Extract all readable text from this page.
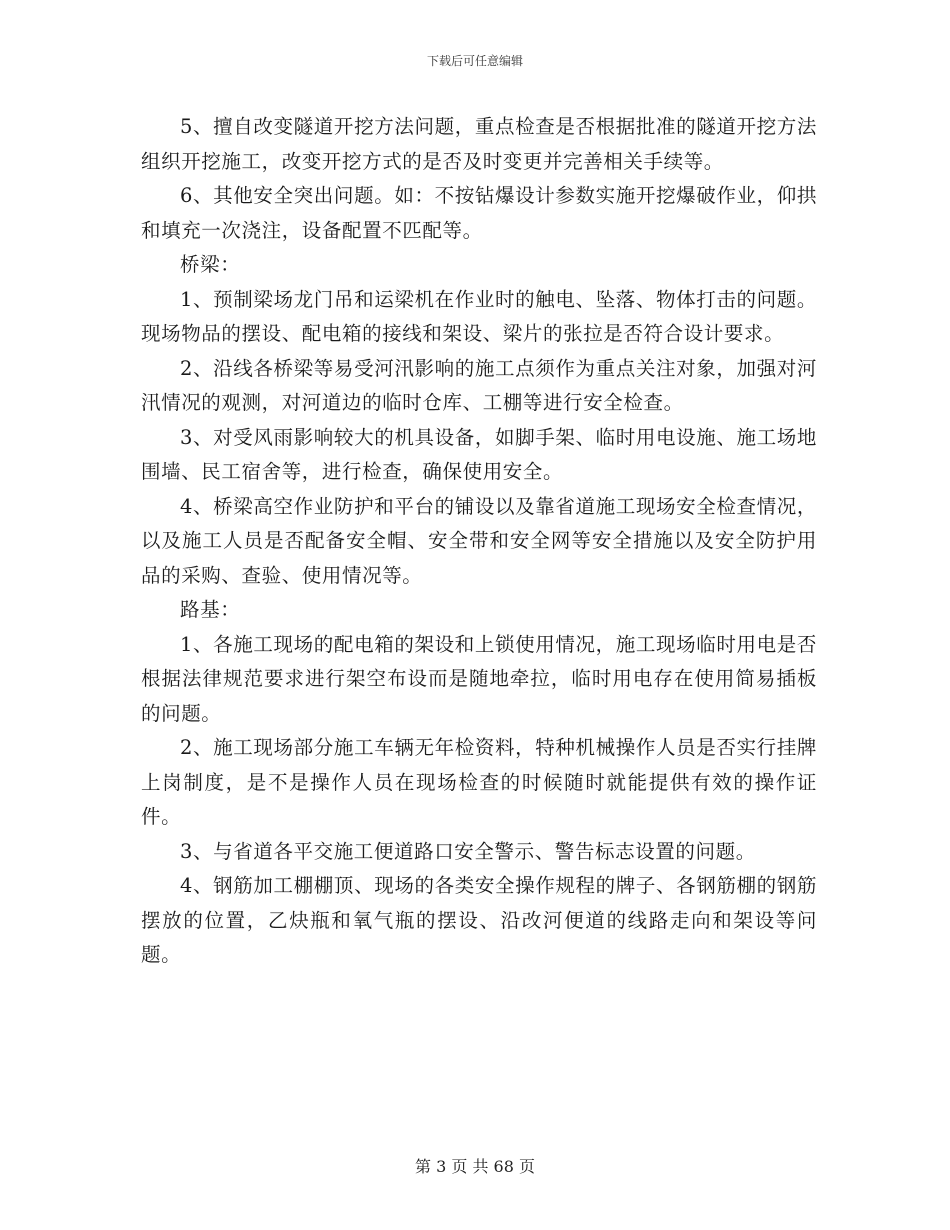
下载后可任意编辑

5、擅自改变隧道开挖方法问题，重点检查是否根据批准的隧道开挖方法组织开挖施工，改变开挖方式的是否及时变更并完善相关手续等。

6、其他安全突出问题。如：不按钻爆设计参数实施开挖爆破作业，仰拱和填充一次浇注，设备配置不匹配等。

桥梁：

1、预制梁场龙门吊和运梁机在作业时的触电、坠落、物体打击的问题。现场物品的摆设、配电箱的接线和架设、梁片的张拉是否符合设计要求。

2、沿线各桥梁等易受河汛影响的施工点须作为重点关注对象，加强对河汛情况的观测，对河道边的临时仓库、工棚等进行安全检查。

3、对受风雨影响较大的机具设备，如脚手架、临时用电设施、施工场地围墙、民工宿舍等，进行检查，确保使用安全。

4、桥梁高空作业防护和平台的铺设以及靠省道施工现场安全检查情况，以及施工人员是否配备安全帽、安全带和安全网等安全措施以及安全防护用品的采购、查验、使用情况等。

路基：

1、各施工现场的配电箱的架设和上锁使用情况，施工现场临时用电是否根据法律规范要求进行架空布设而是随地牵拉，临时用电存在使用简易插板的问题。

2、施工现场部分施工车辆无年检资料，特种机械操作人员是否实行挂牌上岗制度，是不是操作人员在现场检查的时候随时就能提供有效的操作证件。

3、与省道各平交施工便道路口安全警示、警告标志设置的问题。

4、钢筋加工棚棚顶、现场的各类安全操作规程的牌子、各钢筋棚的钢筋摆放的位置，乙炔瓶和氧气瓶的摆设、沿改河便道的线路走向和架设等问题。

第 3 页 共 68 页
